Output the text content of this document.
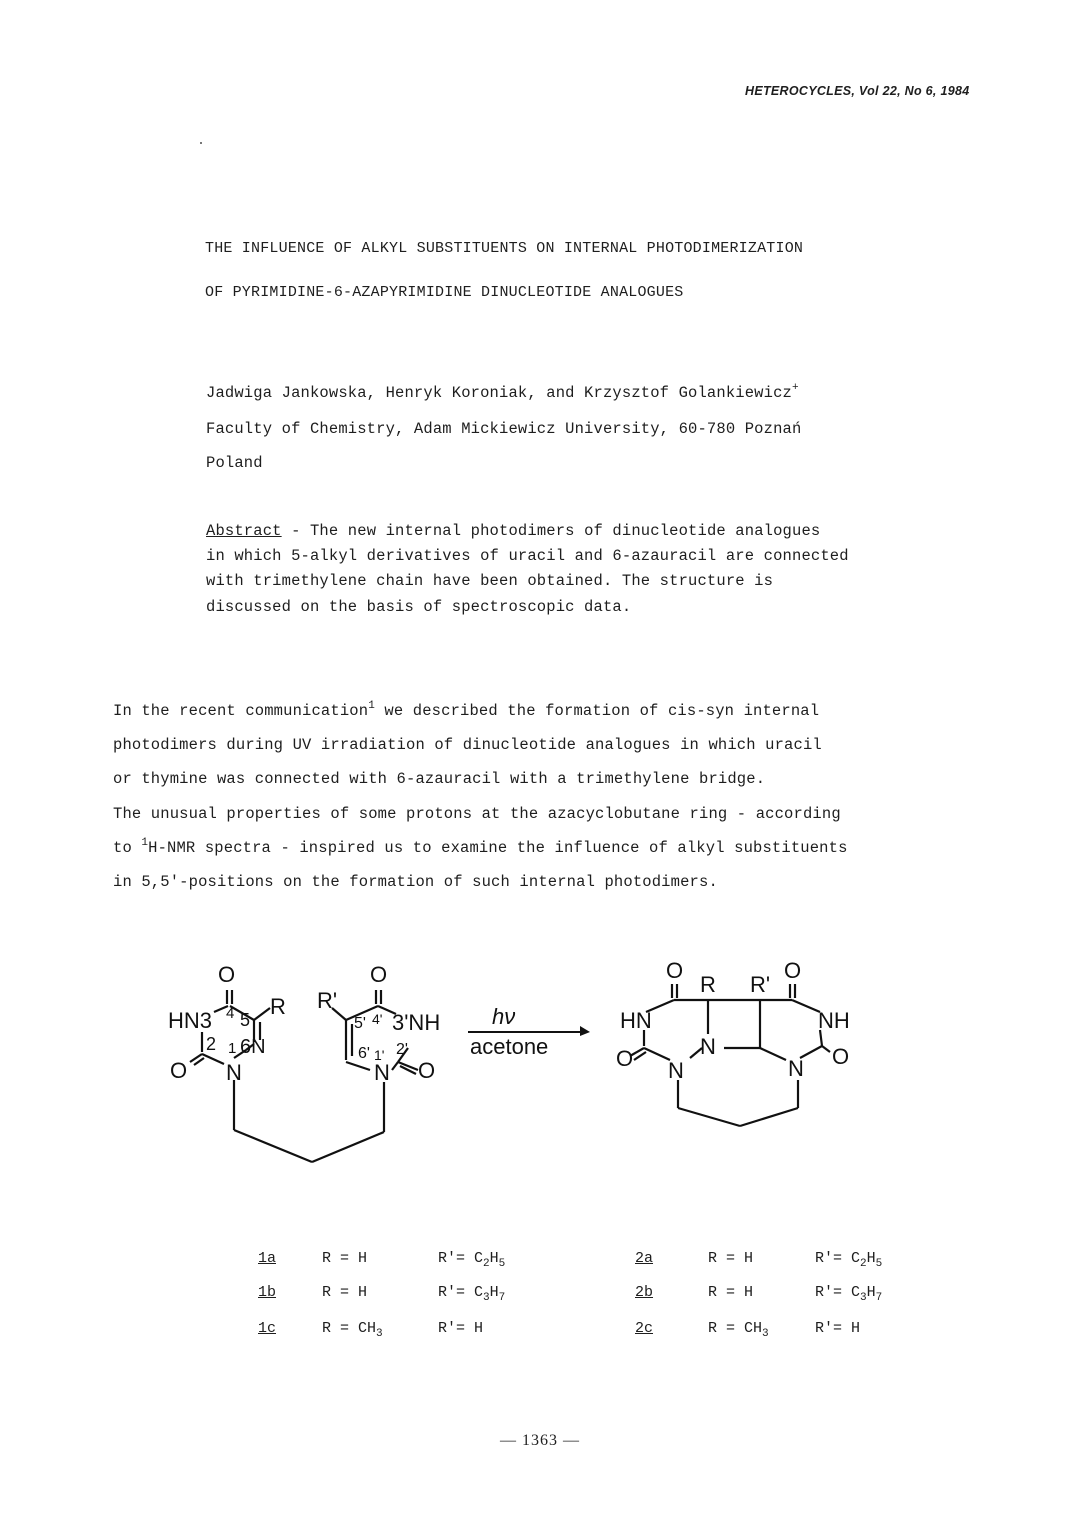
HETEROCYCLES, Vol 22, No 6, 1984
THE INFLUENCE OF ALKYL SUBSTITUENTS ON INTERNAL PHOTODIMERIZATION
OF PYRIMIDINE-6-AZAPYRIMIDINE DINUCLEOTIDE ANALOGUES
Jadwiga Jankowska, Henryk Koroniak, and Krzysztof Golankiewicz+
Faculty of Chemistry, Adam Mickiewicz University, 60-780 Poznań
Poland
Abstract - The new internal photodimers of dinucleotide analogues
in which 5-alkyl derivatives of uracil and 6-azauracil are connected
with trimethylene chain have been obtained. The structure is
discussed on the basis of spectroscopic data.
In the recent communication$^1$ we described the formation of cis-syn internal
photodimers during UV irradiation of dinucleotide analogues in which uracil
or thymine was connected with 6-azauracil with a trimethylene bridge.
The unusual properties of some protons at the azacyclobutane ring - according
to $^1$H-NMR spectra - inspired us to examine the influence of alkyl substituents
in 5,5'-positions on the formation of such internal photodimers.
O
HN3 4 5
R
2 1 6N
O N
R'
O
5' 4' 3'NH
6' 1' 2'
O
N
hν
acetone
O
R R'
O
HN	NH
O	N
N	N O
1a	R = H	$R'= C_2H_5$
1b	R = H	$R'= C_3H_7$
1c	$R = CH_3$	R'= H
2a	R = H	$R'= C_2H_5$
2b	R = H	$R'= C_3H_7$
2c	$R = CH_3$	R'= H
— 1363 —
